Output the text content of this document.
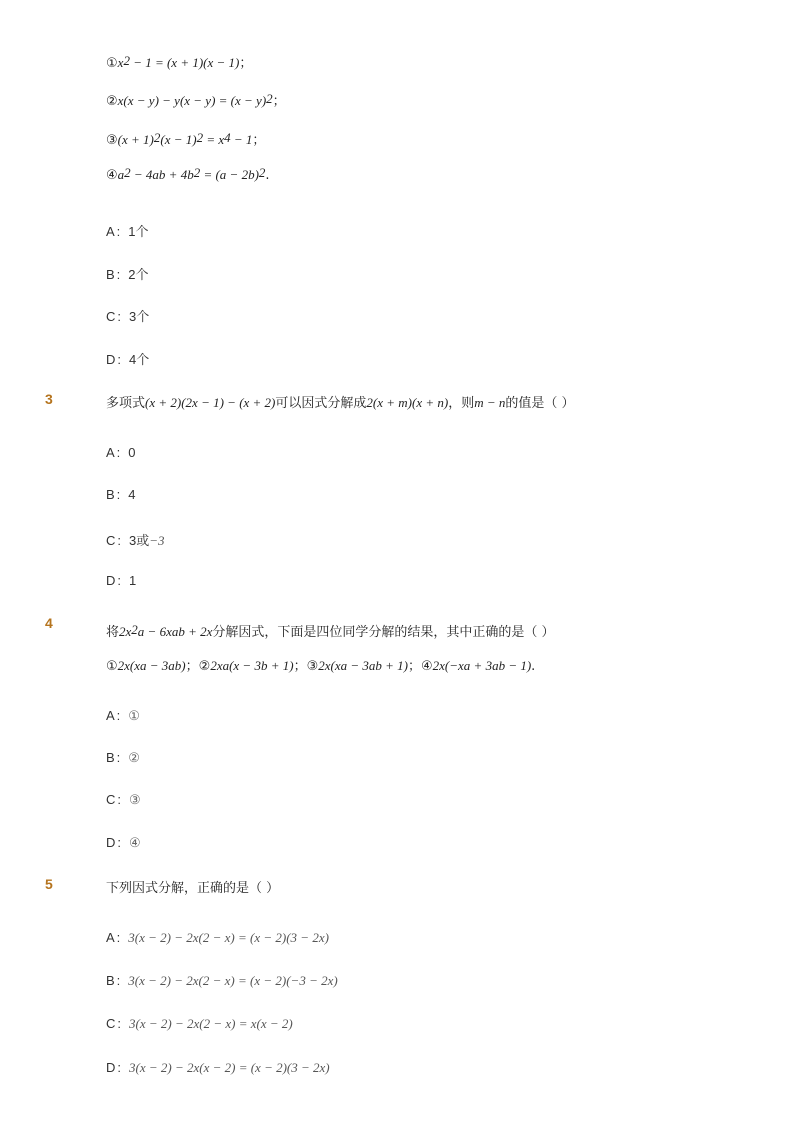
$①x^2 - 1 = (x + 1)(x - 1)$；
②x(x − $y) - y(x - y) = (x - y)^2$；
③(x + $1)^2(x - 1)^2 = x^4 - 1$；
$④a^2 - 4ab + 4b^2 = (a - 2b)^2$.
A : 1个
B : 2个
C : 3个
D : 4个
3	多项式(x + 2)(2x − 1) − (x + 2)可以因式分解成2(x + m)(x + n)，则m − n的值是（ ）
A : 0
B : 4
C : 3或−3
D : 1
4
将$2x^2a - 6xab + 2x$分解因式，下面是四位同学分解的结果，其中正确的是（ ）
①2x(xa − 3ab)；②2xa(x − 3b + 1)；③2x(xa − 3ab + 1)；④2x(−xa + 3ab − 1).
A : ①
B : ②
C : ③
D : ④
5	下列因式分解，正确的是（ ）
A : 3(x − 2) − 2x(2 − x) = (x − 2)(3 − 2x)
B : 3(x − 2) − 2x(2 − x) = (x − 2)(−3 − 2x)
C : 3(x − 2) − 2x(2 − x) = x(x − 2)
D : 3(x − 2) − 2x(x − 2) = (x − 2)(3 − 2x)
